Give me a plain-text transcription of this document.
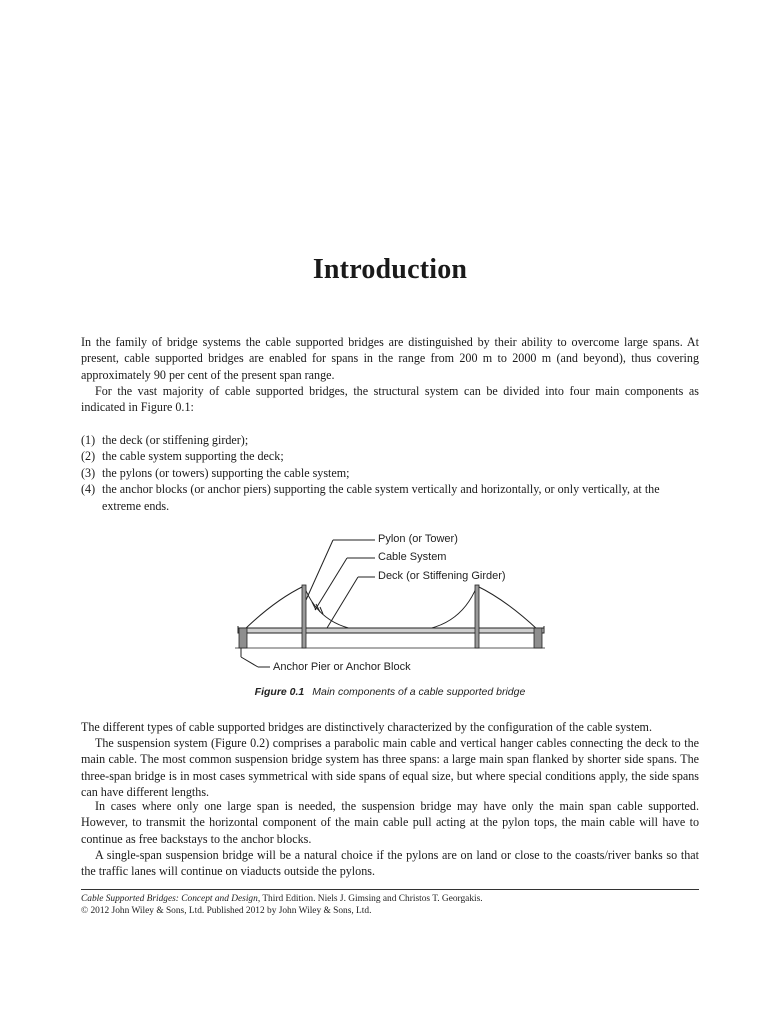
Introduction

In the family of bridge systems the cable supported bridges are distinguished by their ability to overcome large spans. At present, cable supported bridges are enabled for spans in the range from 200 m to 2000 m (and beyond), thus covering approximately 90 per cent of the present span range.

For the vast majority of cable supported bridges, the structural system can be divided into four main components as indicated in Figure 0.1:

(1) the deck (or stiffening girder);
(2) the cable system supporting the deck;
(3) the pylons (or towers) supporting the cable system;
(4) the anchor blocks (or anchor piers) supporting the cable system vertically and horizontally, or only vertically, at the extreme ends.
Pylon (or Tower)
Cable System
Deck (or Stiffening Girder)
Anchor Pier or Anchor Block
Figure 0.1 Main components of a cable supported bridge

The different types of cable supported bridges are distinctively characterized by the configuration of the cable system.

The suspension system (Figure 0.2) comprises a parabolic main cable and vertical hanger cables connecting the deck to the main cable. The most common suspension bridge system has three spans: a large main span flanked by shorter side spans. The three-span bridge is in most cases symmetrical with side spans of equal size, but where special conditions apply, the side spans can have different lengths.

In cases where only one large span is needed, the suspension bridge may have only the main span cable supported. However, to transmit the horizontal component of the main cable pull acting at the pylon tops, the main cable will have to continue as free backstays to the anchor blocks.

A single-span suspension bridge will be a natural choice if the pylons are on land or close to the coasts/river banks so that the traffic lanes will continue on viaducts outside the pylons.

Cable Supported Bridges: Concept and Design, Third Edition. Niels J. Gimsing and Christos T. Georgakis.
© 2012 John Wiley & Sons, Ltd. Published 2012 by John Wiley & Sons, Ltd.
